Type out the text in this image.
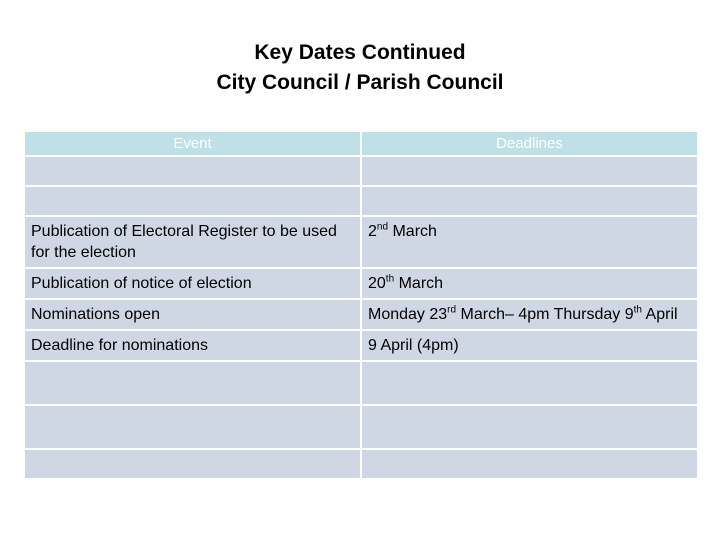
Key Dates Continued
City Council / Parish Council
Event	Deadlines

Publication of Electoral Register to be used for the election	2nd March
Publication of notice of election	20th March
Nominations open	Monday 23rd March– 4pm Thursday 9th April
Deadline for nominations	9 April (4pm)
